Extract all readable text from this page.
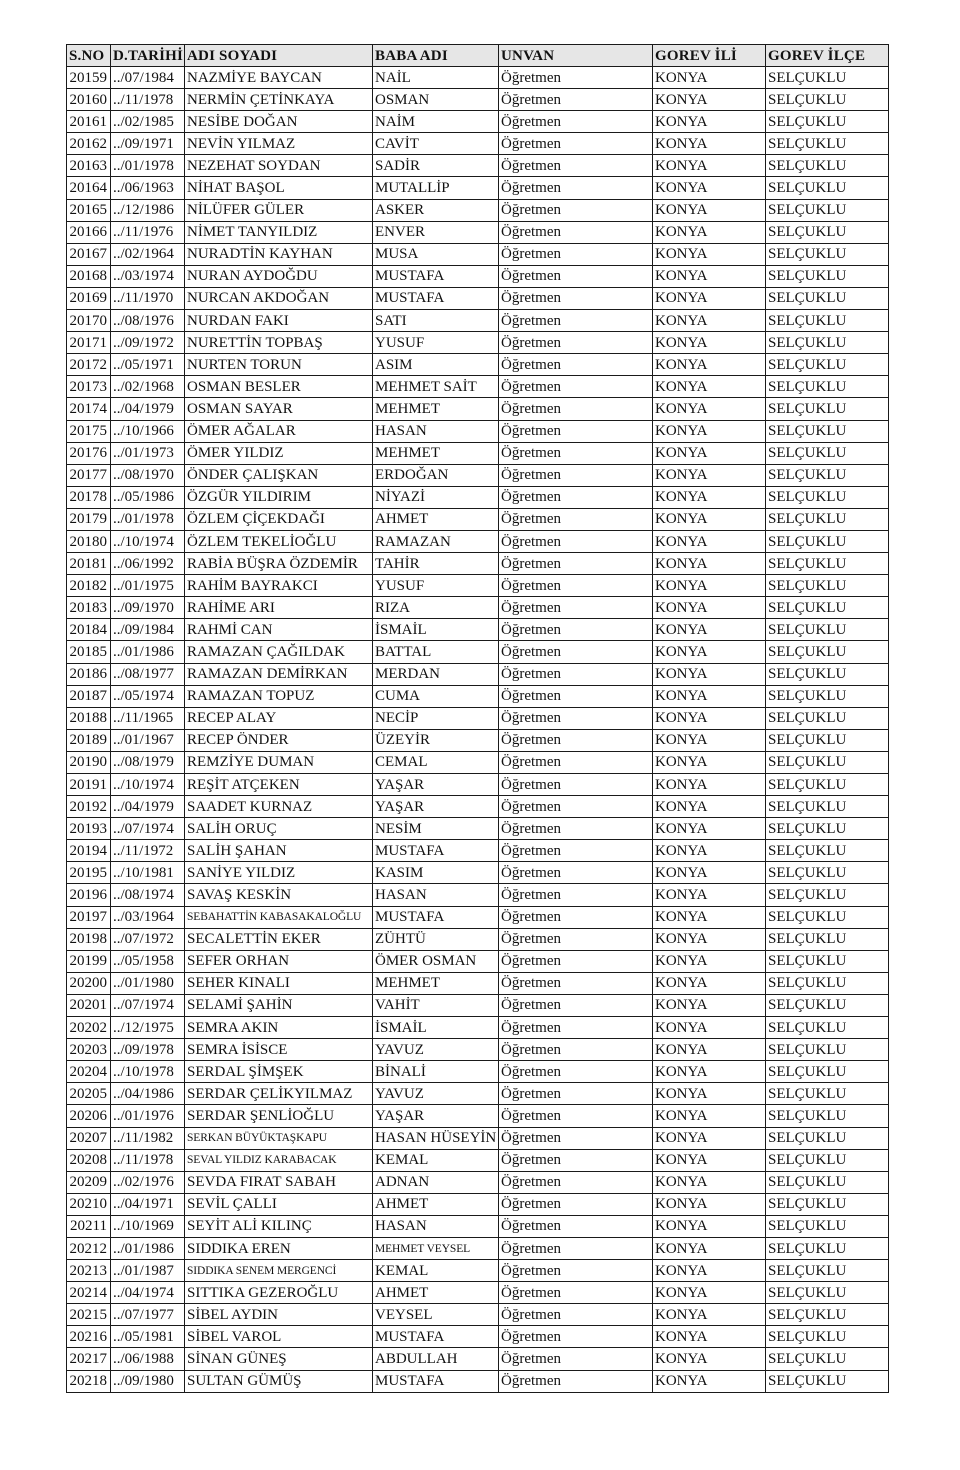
S.NO	D.TARİHİ	ADI SOYADI	BABA ADI	UNVAN	GOREV İLİ	GOREV İLÇE
20159	../07/1984	NAZMİYE BAYCAN	NAİL	Öğretmen	KONYA	SELÇUKLU
20160	../11/1978	NERMİN ÇETİNKAYA	OSMAN	Öğretmen	KONYA	SELÇUKLU
20161	../02/1985	NESİBE DOĞAN	NAİM	Öğretmen	KONYA	SELÇUKLU
20162	../09/1971	NEVİN YILMAZ	CAVİT	Öğretmen	KONYA	SELÇUKLU
20163	../01/1978	NEZEHAT SOYDAN	SADİR	Öğretmen	KONYA	SELÇUKLU
20164	../06/1963	NİHAT BAŞOL	MUTALLİP	Öğretmen	KONYA	SELÇUKLU
20165	../12/1986	NİLÜFER GÜLER	ASKER	Öğretmen	KONYA	SELÇUKLU
20166	../11/1976	NİMET TANYILDIZ	ENVER	Öğretmen	KONYA	SELÇUKLU
20167	../02/1964	NURADTİN KAYHAN	MUSA	Öğretmen	KONYA	SELÇUKLU
20168	../03/1974	NURAN AYDOĞDU	MUSTAFA	Öğretmen	KONYA	SELÇUKLU
20169	../11/1970	NURCAN AKDOĞAN	MUSTAFA	Öğretmen	KONYA	SELÇUKLU
20170	../08/1976	NURDAN FAKI	SATI	Öğretmen	KONYA	SELÇUKLU
20171	../09/1972	NURETTİN TOPBAŞ	YUSUF	Öğretmen	KONYA	SELÇUKLU
20172	../05/1971	NURTEN TORUN	ASIM	Öğretmen	KONYA	SELÇUKLU
20173	../02/1968	OSMAN BESLER	MEHMET SAİT	Öğretmen	KONYA	SELÇUKLU
20174	../04/1979	OSMAN SAYAR	MEHMET	Öğretmen	KONYA	SELÇUKLU
20175	../10/1966	ÖMER AĞALAR	HASAN	Öğretmen	KONYA	SELÇUKLU
20176	../01/1973	ÖMER YILDIZ	MEHMET	Öğretmen	KONYA	SELÇUKLU
20177	../08/1970	ÖNDER ÇALIŞKAN	ERDOĞAN	Öğretmen	KONYA	SELÇUKLU
20178	../05/1986	ÖZGÜR YILDIRIM	NİYAZİ	Öğretmen	KONYA	SELÇUKLU
20179	../01/1978	ÖZLEM ÇİÇEKDAĞI	AHMET	Öğretmen	KONYA	SELÇUKLU
20180	../10/1974	ÖZLEM TEKELİOĞLU	RAMAZAN	Öğretmen	KONYA	SELÇUKLU
20181	../06/1992	RABİA BÜŞRA ÖZDEMİR	TAHİR	Öğretmen	KONYA	SELÇUKLU
20182	../01/1975	RAHİM BAYRAKCI	YUSUF	Öğretmen	KONYA	SELÇUKLU
20183	../09/1970	RAHİME ARI	RIZA	Öğretmen	KONYA	SELÇUKLU
20184	../09/1984	RAHMİ CAN	İSMAİL	Öğretmen	KONYA	SELÇUKLU
20185	../01/1986	RAMAZAN ÇAĞILDAK	BATTAL	Öğretmen	KONYA	SELÇUKLU
20186	../08/1977	RAMAZAN DEMİRKAN	MERDAN	Öğretmen	KONYA	SELÇUKLU
20187	../05/1974	RAMAZAN TOPUZ	CUMA	Öğretmen	KONYA	SELÇUKLU
20188	../11/1965	RECEP ALAY	NECİP	Öğretmen	KONYA	SELÇUKLU
20189	../01/1967	RECEP ÖNDER	ÜZEYİR	Öğretmen	KONYA	SELÇUKLU
20190	../08/1979	REMZİYE DUMAN	CEMAL	Öğretmen	KONYA	SELÇUKLU
20191	../10/1974	REŞİT ATÇEKEN	YAŞAR	Öğretmen	KONYA	SELÇUKLU
20192	../04/1979	SAADET KURNAZ	YAŞAR	Öğretmen	KONYA	SELÇUKLU
20193	../07/1974	SALİH ORUÇ	NESİM	Öğretmen	KONYA	SELÇUKLU
20194	../11/1972	SALİH ŞAHAN	MUSTAFA	Öğretmen	KONYA	SELÇUKLU
20195	../10/1981	SANİYE YILDIZ	KASIM	Öğretmen	KONYA	SELÇUKLU
20196	../08/1974	SAVAŞ KESKİN	HASAN	Öğretmen	KONYA	SELÇUKLU
20197	../03/1964	SEBAHATTİN KABASAKALOĞLU	MUSTAFA	Öğretmen	KONYA	SELÇUKLU
20198	../07/1972	SECALETTİN EKER	ZÜHTÜ	Öğretmen	KONYA	SELÇUKLU
20199	../05/1958	SEFER ORHAN	ÖMER OSMAN	Öğretmen	KONYA	SELÇUKLU
20200	../01/1980	SEHER KINALI	MEHMET	Öğretmen	KONYA	SELÇUKLU
20201	../07/1974	SELAMİ ŞAHİN	VAHİT	Öğretmen	KONYA	SELÇUKLU
20202	../12/1975	SEMRA AKIN	İSMAİL	Öğretmen	KONYA	SELÇUKLU
20203	../09/1978	SEMRA İSİSCE	YAVUZ	Öğretmen	KONYA	SELÇUKLU
20204	../10/1978	SERDAL ŞİMŞEK	BİNALİ	Öğretmen	KONYA	SELÇUKLU
20205	../04/1986	SERDAR ÇELİKYILMAZ	YAVUZ	Öğretmen	KONYA	SELÇUKLU
20206	../01/1976	SERDAR ŞENLİOĞLU	YAŞAR	Öğretmen	KONYA	SELÇUKLU
20207	../11/1982	SERKAN BÜYÜKTAŞKAPU	HASAN HÜSEYİN	Öğretmen	KONYA	SELÇUKLU
20208	../11/1978	SEVAL YILDIZ KARABACAK	KEMAL	Öğretmen	KONYA	SELÇUKLU
20209	../02/1976	SEVDA FIRAT SABAH	ADNAN	Öğretmen	KONYA	SELÇUKLU
20210	../04/1971	SEVİL ÇALLI	AHMET	Öğretmen	KONYA	SELÇUKLU
20211	../10/1969	SEYİT ALİ KILINÇ	HASAN	Öğretmen	KONYA	SELÇUKLU
20212	../01/1986	SIDDIKA EREN	MEHMET VEYSEL	Öğretmen	KONYA	SELÇUKLU
20213	../01/1987	SIDDIKA SENEM MERGENCİ	KEMAL	Öğretmen	KONYA	SELÇUKLU
20214	../04/1974	SITTIKA GEZEROĞLU	AHMET	Öğretmen	KONYA	SELÇUKLU
20215	../07/1977	SİBEL AYDIN	VEYSEL	Öğretmen	KONYA	SELÇUKLU
20216	../05/1981	SİBEL VAROL	MUSTAFA	Öğretmen	KONYA	SELÇUKLU
20217	../06/1988	SİNAN GÜNEŞ	ABDULLAH	Öğretmen	KONYA	SELÇUKLU
20218	../09/1980	SULTAN GÜMÜŞ	MUSTAFA	Öğretmen	KONYA	SELÇUKLU
